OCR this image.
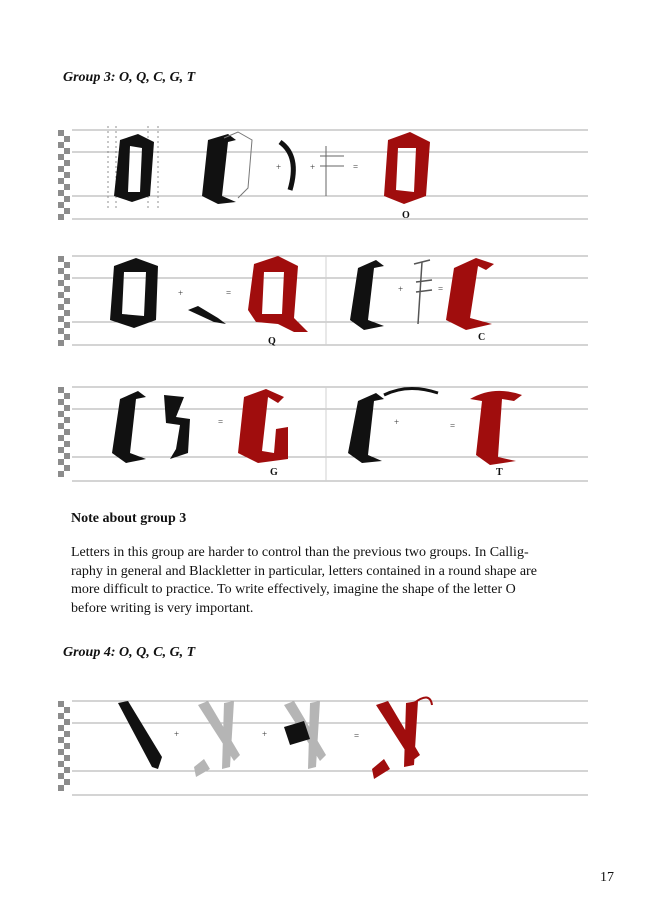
Group 3: O, Q, C, G, T
+	+	=
O
+	=	+	=
Q	C
=	+	=
G	T
Note about group 3
Letters in this group are harder to control than the previous two groups. In Callig-
raphy in general and Blackletter in particular, letters contained in a round shape are
more difficult to practice. To write effectively, imagine the shape of the letter O
before writing is very important.
Group 4: O, Q, C, G, T
+	+	=
17
